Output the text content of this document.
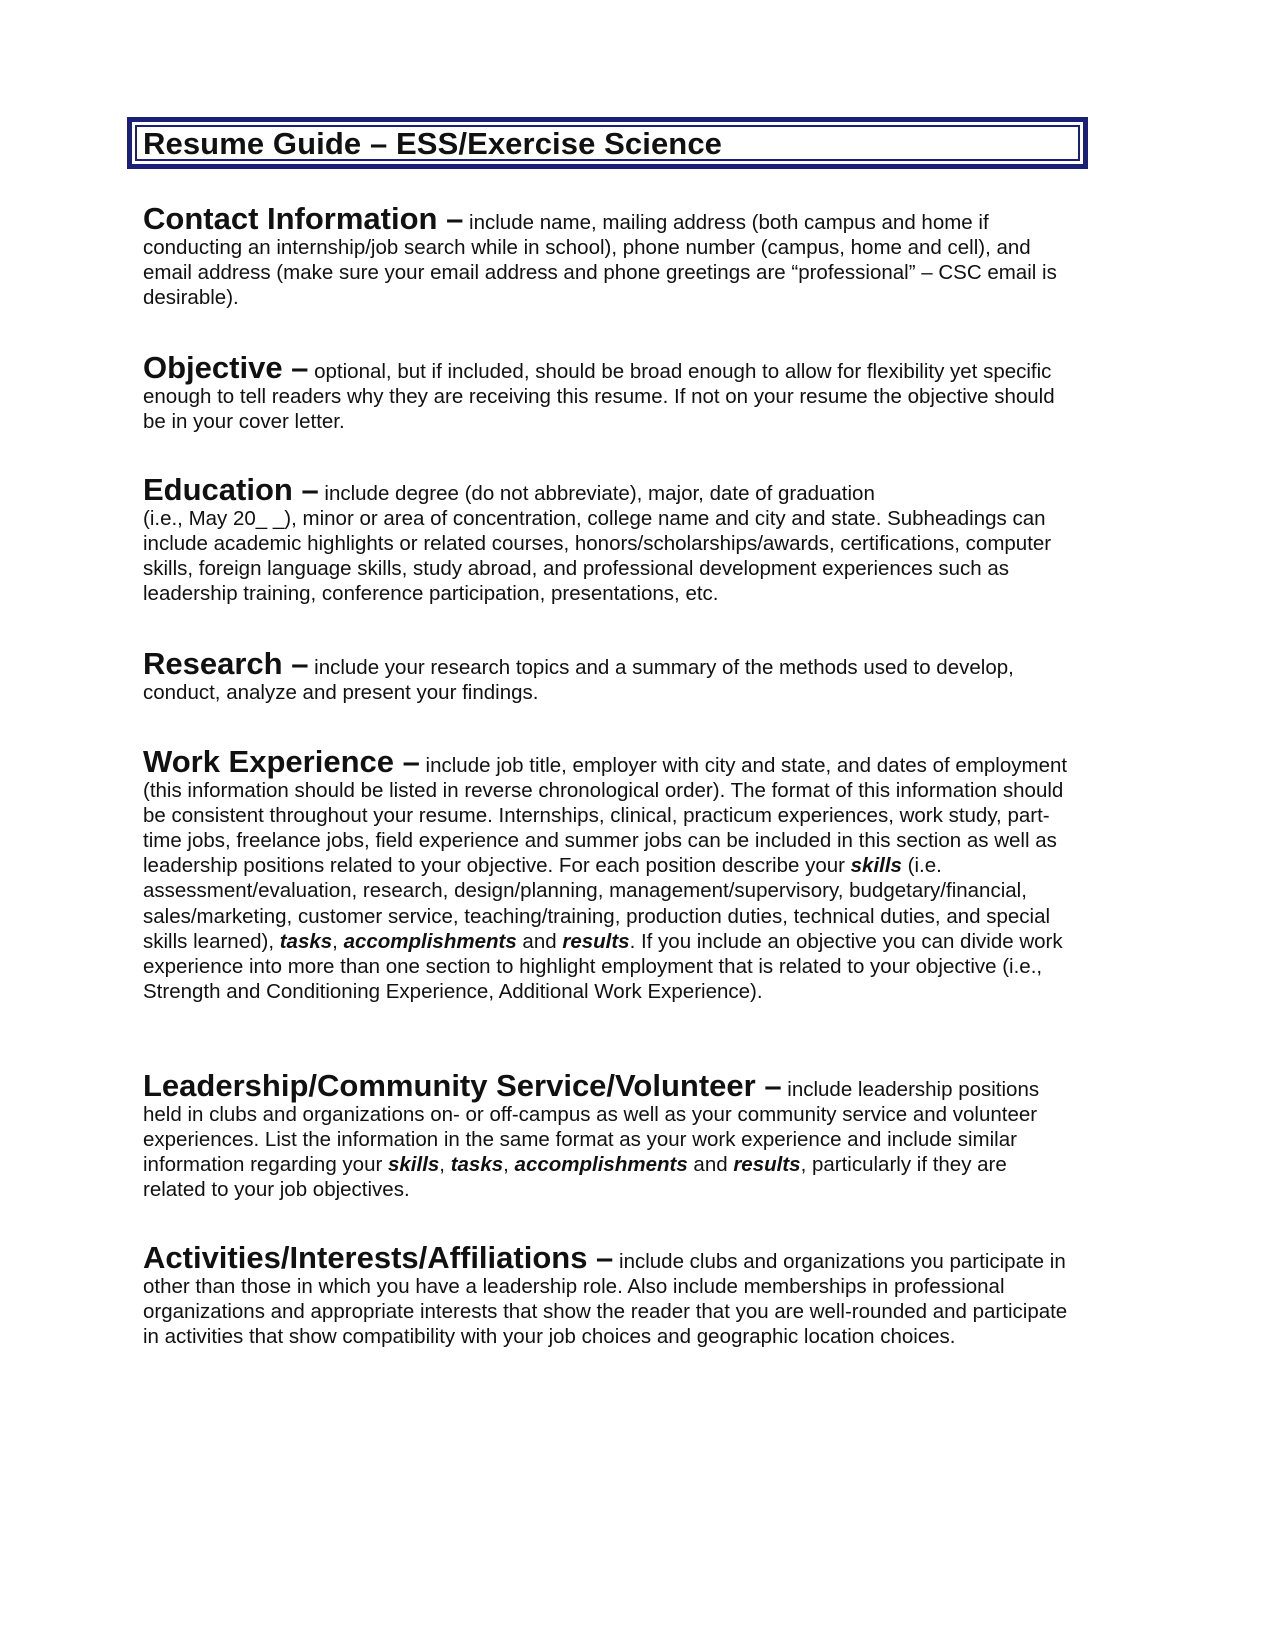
Resume Guide – ESS/Exercise Science

Contact Information – include name, mailing address (both campus and home if conducting an internship/job search while in school), phone number (campus, home and cell), and email address (make sure your email address and phone greetings are “professional” – CSC email is desirable).

Objective – optional, but if included, should be broad enough to allow for flexibility yet specific enough to tell readers why they are receiving this resume. If not on your resume the objective should be in your cover letter.

Education – include degree (do not abbreviate), major, date of graduation
(i.e., May 20_ _), minor or area of concentration, college name and city and state. Subheadings can include academic highlights or related courses, honors/scholarships/awards, certifications, computer skills, foreign language skills, study abroad, and professional development experiences such as leadership training, conference participation, presentations, etc.

Research – include your research topics and a summary of the methods used to develop, conduct, analyze and present your findings.

Work Experience – include job title, employer with city and state, and dates of employment (this information should be listed in reverse chronological order). The format of this information should be consistent throughout your resume. Internships, clinical, practicum experiences, work study, part-time jobs, freelance jobs, field experience and summer jobs can be included in this section as well as leadership positions related to your objective. For each position describe your skills (i.e. assessment/evaluation, research, design/planning, management/supervisory, budgetary/financial, sales/marketing, customer service, teaching/training, production duties, technical duties, and special skills learned), tasks, accomplishments and results. If you include an objective you can divide work experience into more than one section to highlight employment that is related to your objective (i.e., Strength and Conditioning Experience, Additional Work Experience).

Leadership/Community Service/Volunteer – include leadership positions held in clubs and organizations on- or off-campus as well as your community service and volunteer experiences. List the information in the same format as your work experience and include similar information regarding your skills, tasks, accomplishments and results, particularly if they are related to your job objectives.

Activities/Interests/Affiliations – include clubs and organizations you participate in other than those in which you have a leadership role. Also include memberships in professional organizations and appropriate interests that show the reader that you are well-rounded and participate in activities that show compatibility with your job choices and geographic location choices.
